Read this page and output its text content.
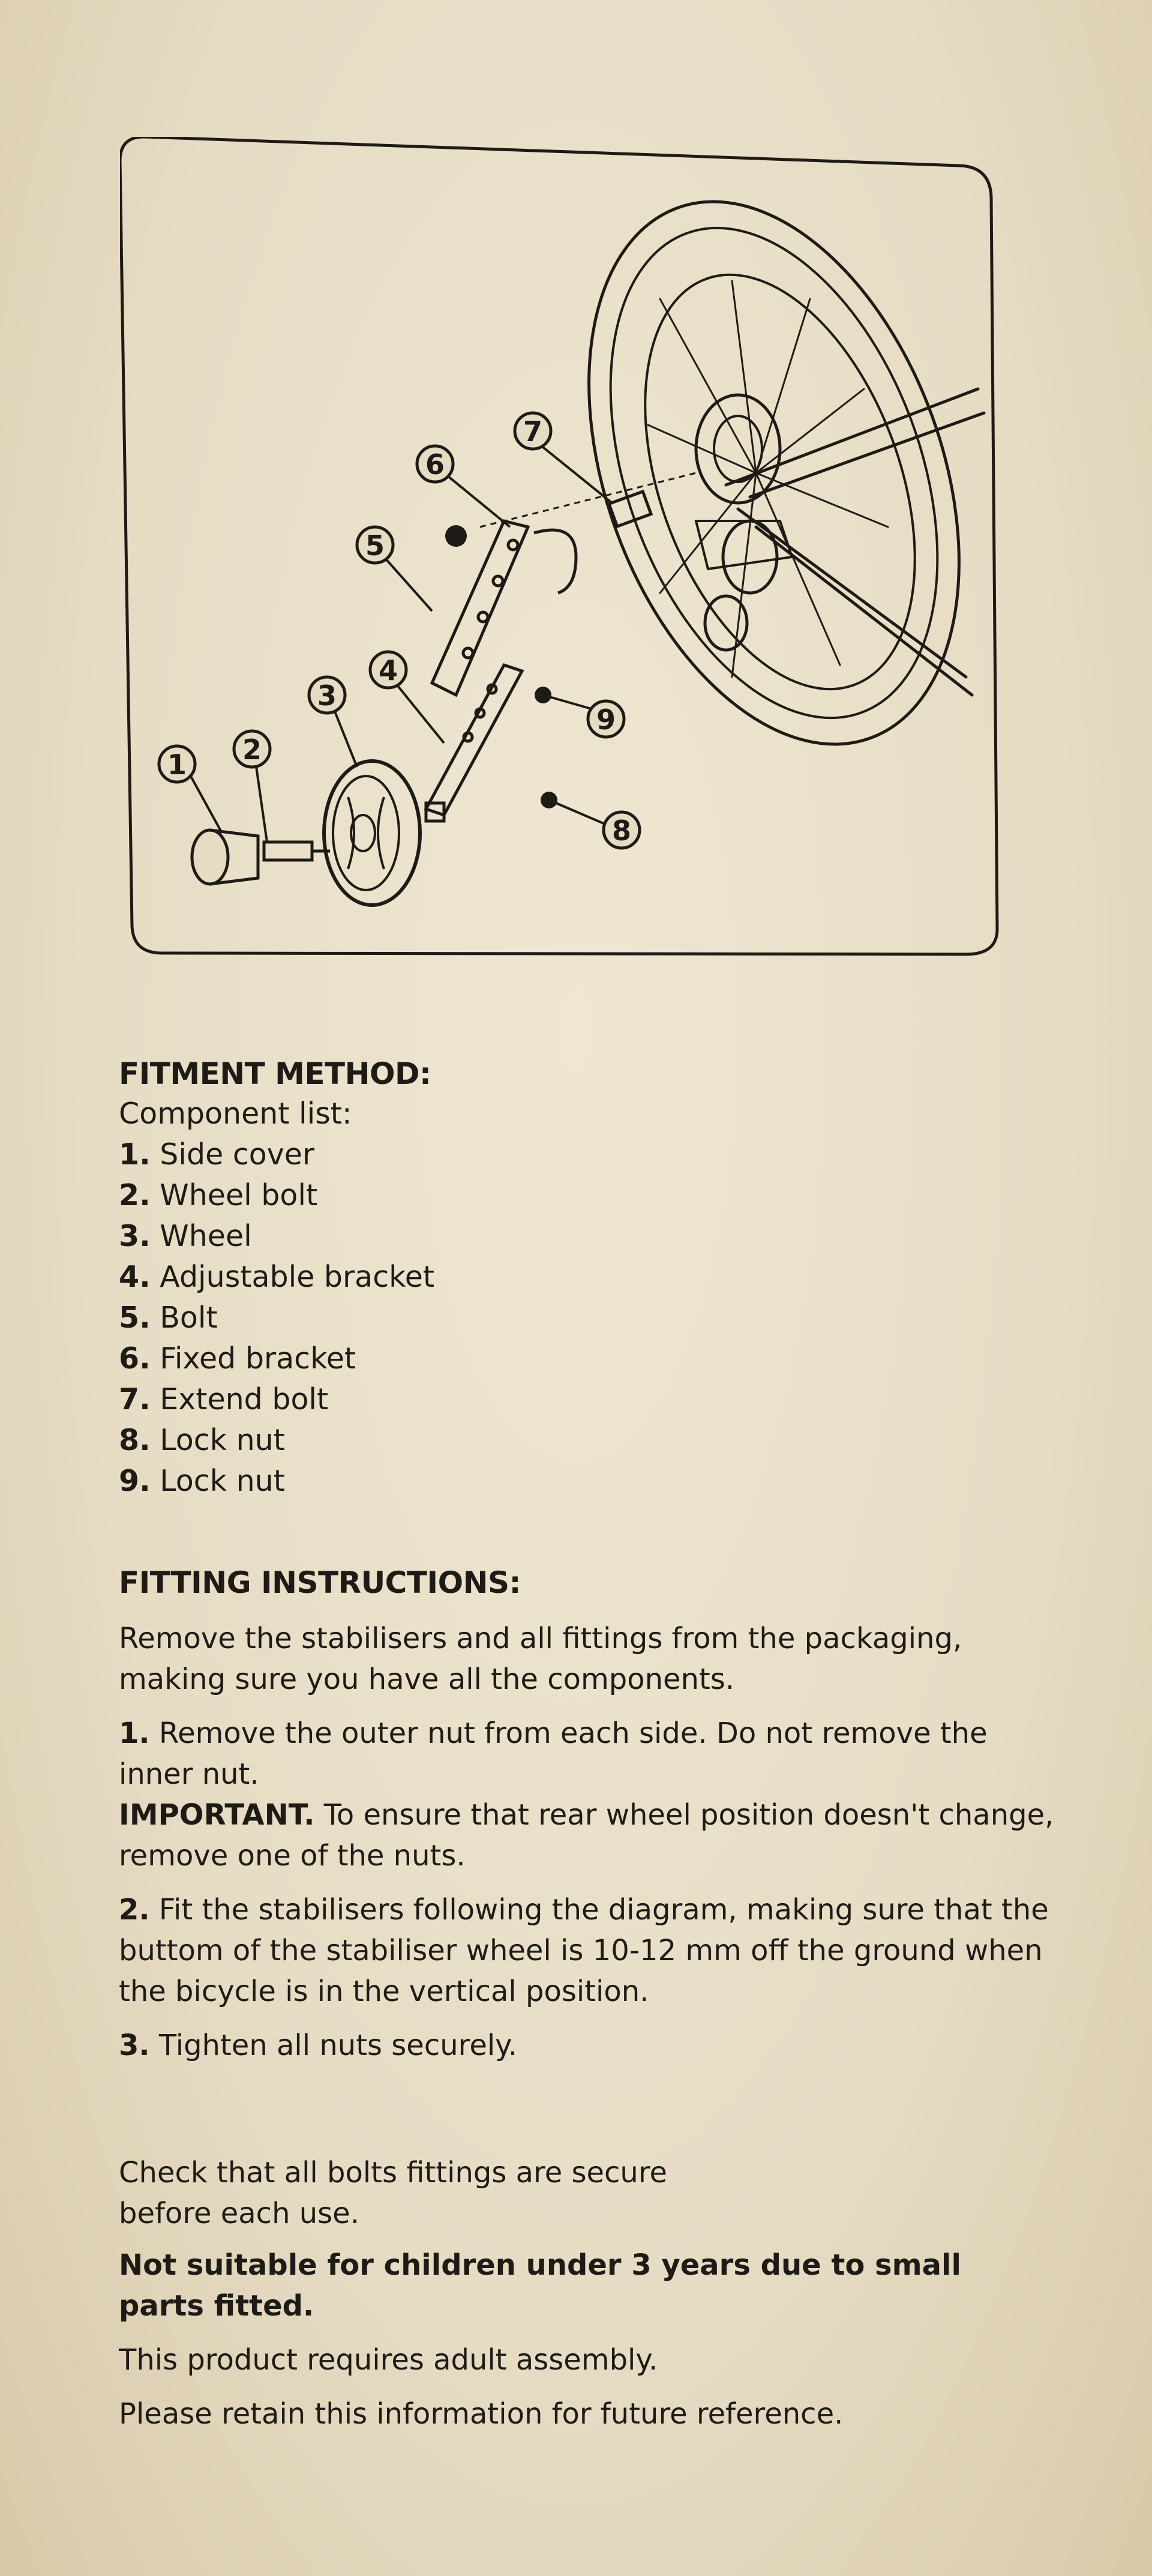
1 2
3
4
5
6
7
8
9

FITMENT METHOD:

Component list:

1. Side cover

2. Wheel bolt

3. Wheel

4. Adjustable bracket

5. Bolt

6. Fixed bracket

7. Extend bolt

8. Lock nut

9. Lock nut

FITTING INSTRUCTIONS:

Remove the stabilisers and all fittings from the packaging, making sure you have all the components.

1. Remove the outer nut from each side. Do not remove the inner nut.

IMPORTANT. To ensure that rear wheel position doesn't change, remove one of the nuts.

2. Fit the stabilisers following the diagram, making sure that the buttom of the stabiliser wheel is 10-12 mm off the ground when the bicycle is in the vertical position.

3. Tighten all nuts securely.

Check that all bolts fittings are secure before each use.

Not suitable for children under 3 years due to small parts fitted.

This product requires adult assembly.

Please retain this information for future reference.
